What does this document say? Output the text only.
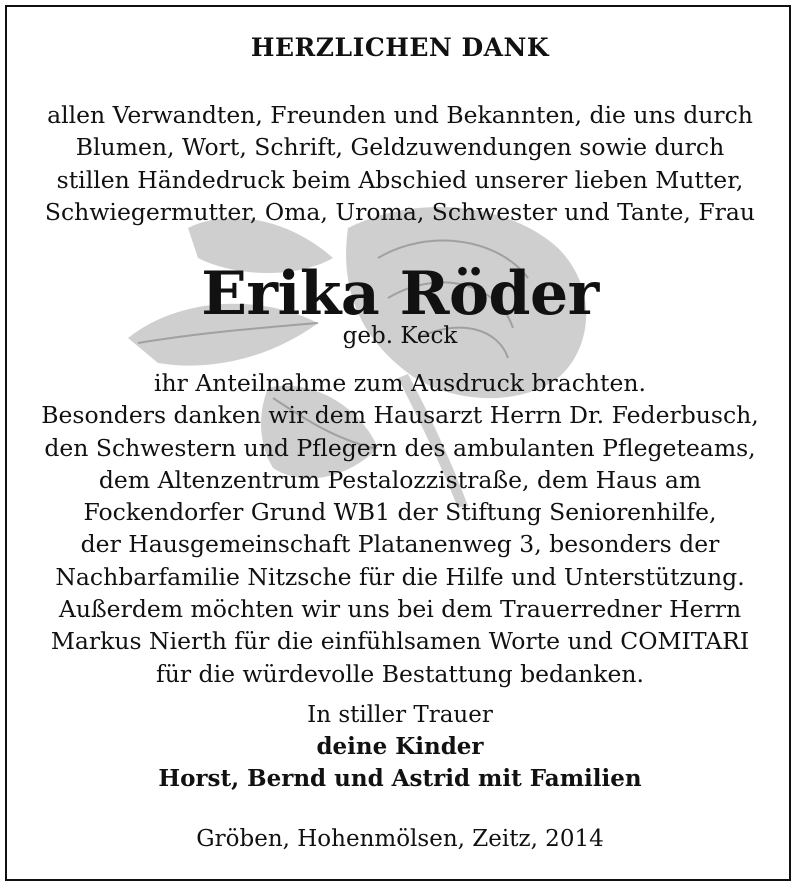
HERZLICHEN DANK
allen Verwandten, Freunden und Bekannten, die uns durch
Blumen, Wort, Schrift, Geldzuwendungen sowie durch
stillen Händedruck beim Abschied unserer lieben Mutter,
Schwiegermutter, Oma, Uroma, Schwester und Tante, Frau
Erika Röder
geb. Keck
ihr Anteilnahme zum Ausdruck brachten.
Besonders danken wir dem Hausarzt Herrn Dr. Federbusch,
den Schwestern und Pflegern des ambulanten Pflegeteams,
dem Altenzentrum Pestalozzistraße, dem Haus am
Fockendorfer Grund WB1 der Stiftung Seniorenhilfe,
der Hausgemeinschaft Platanenweg 3, besonders der
Nachbarfamilie Nitzsche für die Hilfe und Unterstützung.
Außerdem möchten wir uns bei dem Trauerredner Herrn
Markus Nierth für die einfühlsamen Worte und COMITARI
für die würdevolle Bestattung bedanken.
In stiller Trauer
deine Kinder
Horst, Bernd und Astrid mit Familien
Gröben, Hohenmölsen, Zeitz, 2014
